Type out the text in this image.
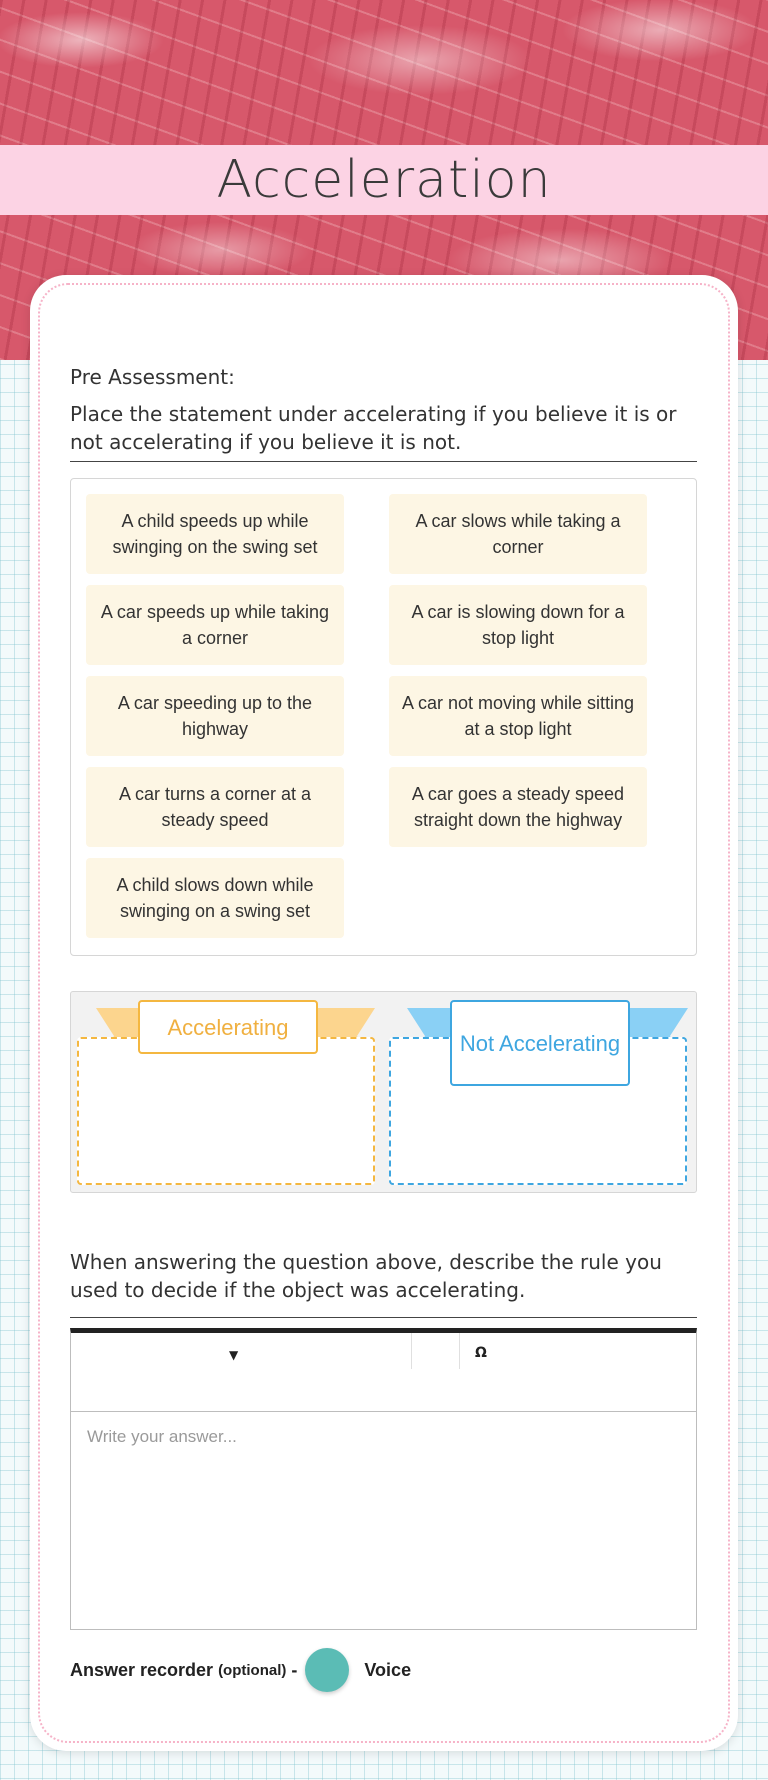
Acceleration
Pre Assessment:
Place the statement under accelerating if you believe it is or not accelerating if you believe it is not.
A child speeds up while swinging on the swing set
A car slows while taking a corner
A car speeds up while taking a corner
A car is slowing down for a stop light
A car speeding up to the highway
A car not moving while sitting at a stop light
A car turns a corner at a steady speed
A car goes a steady speed straight down the highway
A child slows down while swinging on a swing set
Accelerating
Not Accelerating
When answering the question above, describe the rule you used to decide if the object was accelerating.
▼	Ω
Write your answer...
Answer recorder (optional) -	Voice
